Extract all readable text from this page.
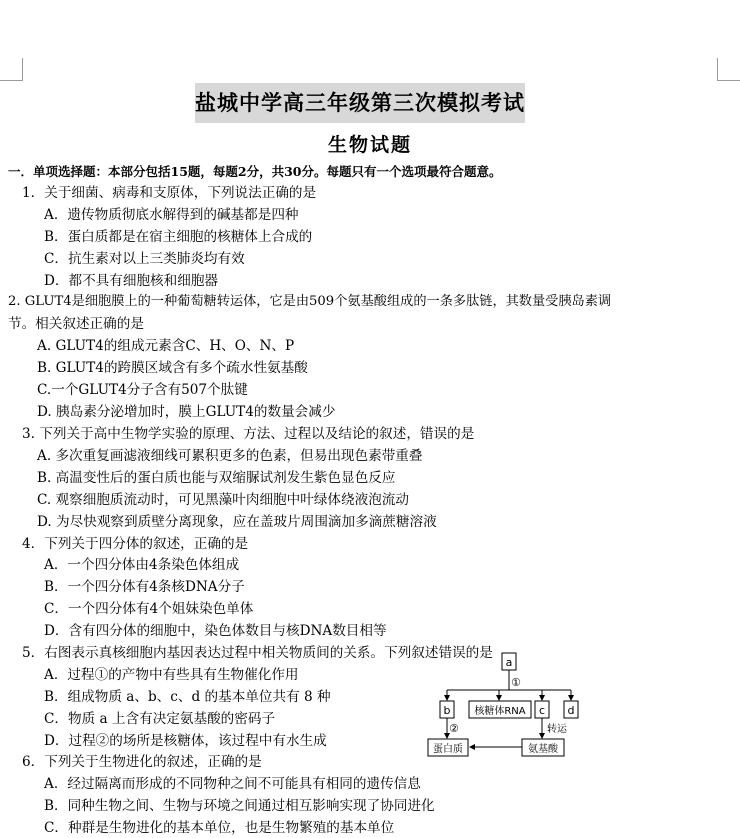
盐城中学高三年级第三次模拟考试
生物试题
一．单项选择题：本部分包括15题，每题2分，共30分。每题只有一个选项最符合题意。
1．关于细菌、病毒和支原体，下列说法正确的是
A．遗传物质彻底水解得到的碱基都是四种
B．蛋白质都是在宿主细胞的核糖体上合成的
C．抗生素对以上三类肺炎均有效
D．都不具有细胞核和细胞器
2. GLUT4是细胞膜上的一种葡萄糖转运体，它是由509个氨基酸组成的一条多肽链，其数量受胰岛素调
节。相关叙述正确的是
A. GLUT4的组成元素含C、H、O、N、P
B. GLUT4的跨膜区域含有多个疏水性氨基酸
C.一个GLUT4分子含有507个肽键
D. 胰岛素分泌增加时，膜上GLUT4的数量会减少
3. 下列关于高中生物学实验的原理、方法、过程以及结论的叙述，错误的是
A. 多次重复画滤液细线可累积更多的色素，但易出现色素带重叠
B. 高温变性后的蛋白质也能与双缩脲试剂发生紫色显色反应
C. 观察细胞质流动时，可见黑藻叶肉细胞中叶绿体绕液泡流动
D. 为尽快观察到质壁分离现象，应在盖玻片周围滴加多滴蔗糖溶液
4．下列关于四分体的叙述，正确的是
A．一个四分体由4条染色体组成
B．一个四分体有4条核DNA分子
C．一个四分体有4个姐妹染色单体
D．含有四分体的细胞中，染色体数目与核DNA数目相等
5．右图表示真核细胞内基因表达过程中相关物质间的关系。下列叙述错误的是
A．过程①的产物中有些具有生物催化作用
B．组成物质 a、b、c、d 的基本单位共有 8 种
C．物质 a 上含有决定氨基酸的密码子
D．过程②的场所是核糖体，该过程中有水生成
6．下列关于生物进化的叙述，正确的是
A．经过隔离而形成的不同物种之间不可能具有相同的遗传信息
B．同种生物之间、生物与环境之间通过相互影响实现了协同进化
C．种群是生物进化的基本单位，也是生物繁殖的基本单位
a
①
b 核糖体RNA c d
②	转运
蛋白质	氨基酸
